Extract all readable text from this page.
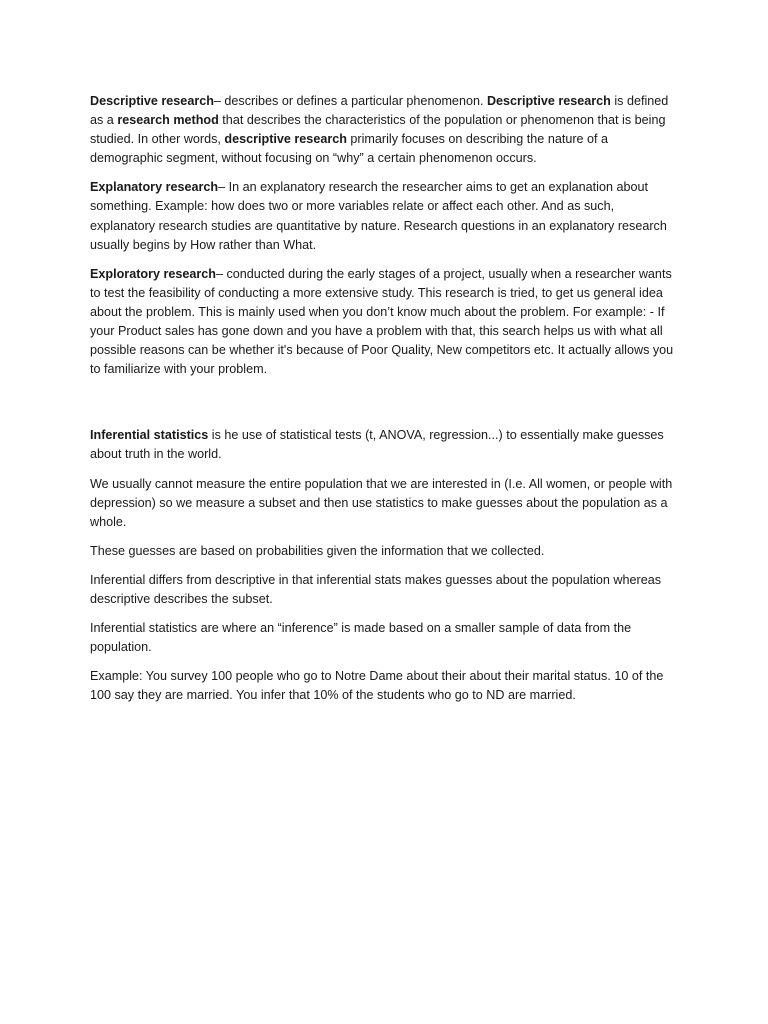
Descriptive research– describes or defines a particular phenomenon. Descriptive research is defined as a research method that describes the characteristics of the population or phenomenon that is being studied. In other words, descriptive research primarily focuses on describing the nature of a demographic segment, without focusing on “why” a certain phenomenon occurs.

Explanatory research– In an explanatory research the researcher aims to get an explanation about something. Example: how does two or more variables relate or affect each other. And as such, explanatory research studies are quantitative by nature. Research questions in an explanatory research usually begins by How rather than What.

Exploratory research– conducted during the early stages of a project, usually when a researcher wants to test the feasibility of conducting a more extensive study. This research is tried, to get us general idea about the problem. This is mainly used when you don’t know much about the problem. For example: - If your Product sales has gone down and you have a problem with that, this search helps us with what all possible reasons can be whether it's because of Poor Quality, New competitors etc. It actually allows you to familiarize with your problem.

Inferential statistics is he use of statistical tests (t, ANOVA, regression...) to essentially make guesses about truth in the world.

We usually cannot measure the entire population that we are interested in (I.e. All women, or people with depression) so we measure a subset and then use statistics to make guesses about the population as a whole.

These guesses are based on probabilities given the information that we collected.

Inferential differs from descriptive in that inferential stats makes guesses about the population whereas descriptive describes the subset.

Inferential statistics are where an “inference” is made based on a smaller sample of data from the population.

Example: You survey 100 people who go to Notre Dame about their about their marital status. 10 of the 100 say they are married. You infer that 10% of the students who go to ND are married.
